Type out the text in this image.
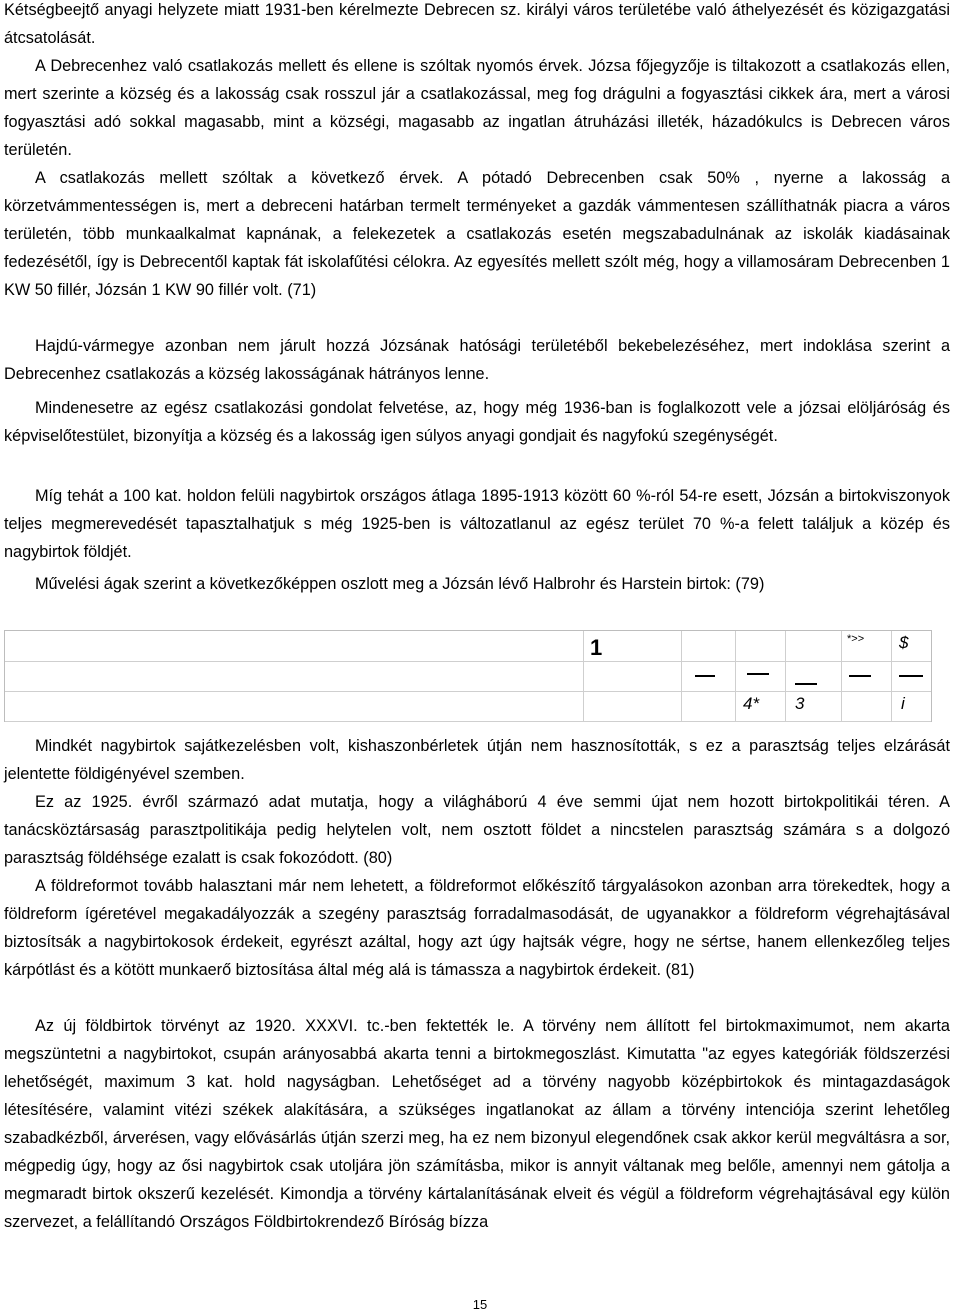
Kétségbeejtő anyagi helyzete miatt 1931-ben kérelmezte Debrecen sz. királyi város területébe való áthelyezését és közigazgatási átcsatolását.

A Debrecenhez való csatlakozás mellett és ellene is szóltak nyomós érvek. Józsa főjegyzője is tiltakozott a csatlakozás ellen, mert szerinte a község és a lakosság csak rosszul jár a csatlakozással, meg fog drágulni a fogyasztási cikkek ára, mert a városi fogyasztási adó sokkal magasabb, mint a községi, magasabb az ingatlan átruházási illeték, házadókulcs is Debrecen város területén.

A csatlakozás mellett szóltak a következő érvek. A pótadó Debrecenben csak 50% , nyerne a lakosság a körzetvámmentességen is, mert a debreceni határban termelt terményeket a gazdák vámmentesen szállíthatnák piacra a város területén, több munkaalkalmat kapnának, a felekezetek a csatlakozás esetén megszabadulnának az iskolák kiadásainak fedezésétől, így is Debrecentől kaptak fát iskolafűtési célokra. Az egyesítés mellett szólt még, hogy a villamosáram Debrecenben 1 KW 50 fillér, Józsán 1 KW 90 fillér volt. (71)

Hajdú-vármegye azonban nem járult hozzá Józsának hatósági területéből bekebelezéséhez, mert indoklása szerint a Debrecenhez csatlakozás a község lakosságának hátrányos lenne.

Mindenesetre az egész csatlakozási gondolat felvetése, az, hogy még 1936-ban is foglalkozott vele a józsai elöljáróság és képviselőtestület, bizonyítja a község és a lakosság igen súlyos anyagi gondjait és nagyfokú szegénységét.

Míg tehát a 100 kat. holdon felüli nagybirtok országos átlaga 1895-1913 között 60 %-ról 54-re esett, Józsán a birtokviszonyok teljes megmerevedését tapasztalhatjuk s még 1925-ben is változatlanul az egész terület 70 %-a felett találjuk a közép és nagybirtok földjét.

Művelési ágak szerint a következőképpen oszlott meg a Józsán lévő Halbrohr és Harstein birtok: (79)

1	*>> $
4* 3	i

Mindkét nagybirtok sajátkezelésben volt, kishaszonbérletek útján nem hasznosították, s ez a parasztság teljes elzárását jelentette földigényével szemben.

Ez az 1925. évről származó adat mutatja, hogy a világháború 4 éve semmi újat nem hozott birtokpolitikái téren. A tanácsköztársaság parasztpolitikája pedig helytelen volt, nem osztott földet a nincstelen parasztság számára s a dolgozó parasztság földéhsége ezalatt is csak fokozódott. (80)

A földreformot tovább halasztani már nem lehetett, a földreformot előkészítő tárgyalásokon azonban arra törekedtek, hogy a földreform ígéretével megakadályozzák a szegény parasztság forradalmasodását, de ugyanakkor a földreform végrehajtásával biztosítsák a nagybirtokosok érdekeit, egyrészt azáltal, hogy azt úgy hajtsák végre, hogy ne sértse, hanem ellenkezőleg teljes kárpótlást és a kötött munkaerő biztosítása által még alá is támassza a nagybirtok érdekeit. (81)

Az új földbirtok törvényt az 1920. XXXVI. tc.-ben fektették le. A törvény nem állított fel birtokmaximumot, nem akarta megszüntetni a nagybirtokot, csupán arányosabbá akarta tenni a birtokmegoszlást. Kimutatta "az egyes kategóriák földszerzési lehetőségét, maximum 3 kat. hold nagyságban. Lehetőséget ad a törvény nagyobb középbirtokok és mintagazdaságok létesítésére, valamint vitézi székek alakítására, a szükséges ingatlanokat az állam a törvény intenciója szerint lehetőleg szabadkézből, árverésen, vagy elővásárlás útján szerzi meg, ha ez nem bizonyul elegendőnek csak akkor kerül megváltásra a sor, mégpedig úgy, hogy az ősi nagybirtok csak utoljára jön számításba, mikor is annyit váltanak meg belőle, amennyi nem gátolja a megmaradt birtok okszerű kezelését. Kimondja a törvény kártalanításának elveit és végül a földreform végrehajtásával egy külön szervezet, a felállítandó Országos Földbirtokrendező Bíróság bízza

15
